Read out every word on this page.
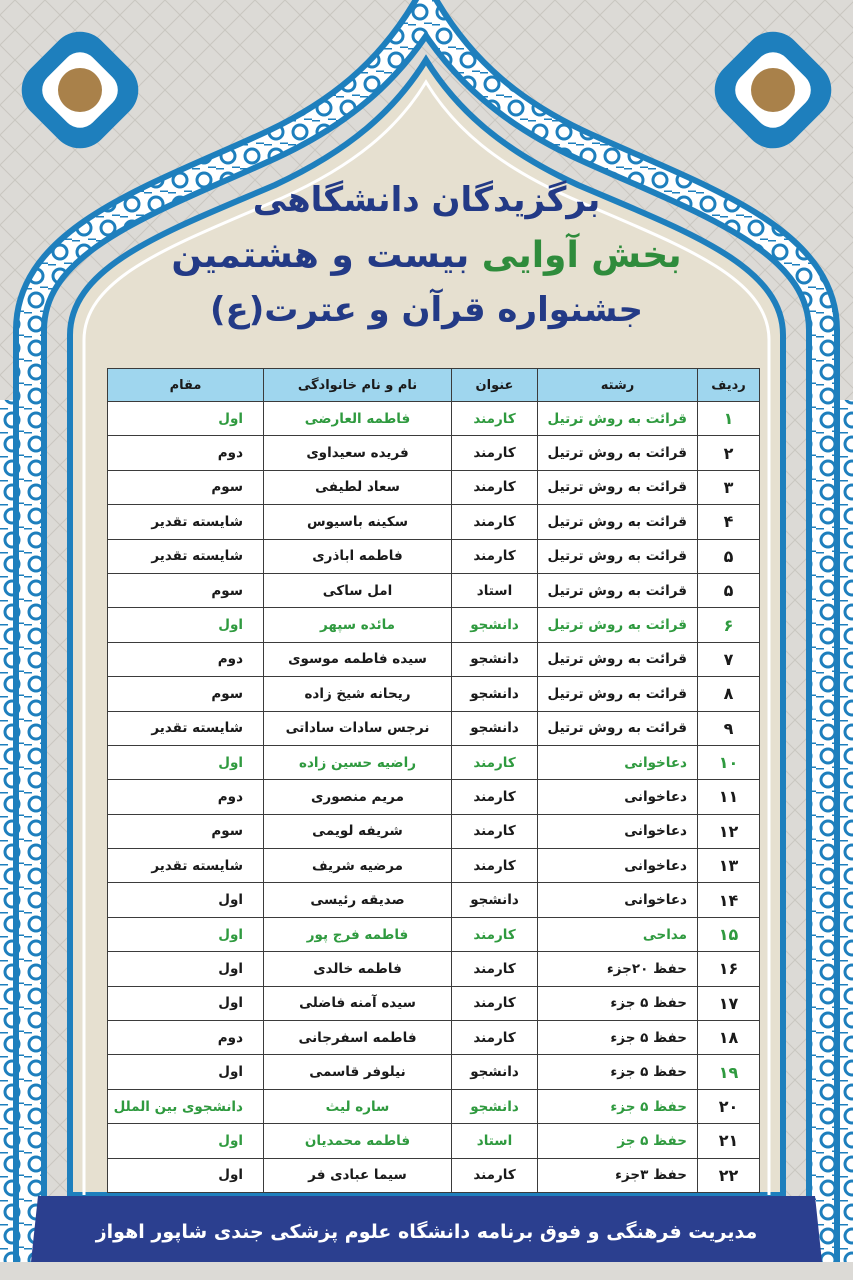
برگزیدگان دانشگاهی
بخش آوایی بیست و هشتمین
جشنواره قرآن و عترت(ع)
ردیف	رشته	عنوان	نام و نام خانوادگی	مقام
۱	قرائت به روش ترتیل	کارمند	فاطمه العارضی	اول
۲	قرائت به روش ترتیل	کارمند	فریده سعیداوی	دوم
۳	قرائت به روش ترتیل	کارمند	سعاد لطیفی	سوم
۴	قرائت به روش ترتیل	کارمند	سکینه باسیوس	شایسته تقدیر
۵	قرائت به روش ترتیل	کارمند	فاطمه اباذری	شایسته تقدیر
۵	قرائت به روش ترتیل	استاد	امل ساکی	سوم
۶	قرائت به روش ترتیل	دانشجو	مائده سپهر	اول
۷	قرائت به روش ترتیل	دانشجو	سیده فاطمه موسوی	دوم
۸	قرائت به روش ترتیل	دانشجو	ریحانه شیخ زاده	سوم
۹	قرائت به روش ترتیل	دانشجو	نرجس سادات ساداتی	شایسته تقدیر
۱۰	دعاخوانی	کارمند	راضیه حسین زاده	اول
۱۱	دعاخوانی	کارمند	مریم منصوری	دوم
۱۲	دعاخوانی	کارمند	شریفه لویمی	سوم
۱۳	دعاخوانی	کارمند	مرضیه شریف	شایسته تقدیر
۱۴	دعاخوانی	دانشجو	صدیقه رئیسی	اول
۱۵	مداحی	کارمند	فاطمه فرج پور	اول
۱۶	حفظ ۲۰جزء	کارمند	فاطمه خالدی	اول
۱۷	حفظ ۵ جزء	کارمند	سیده آمنه فاضلی	اول
۱۸	حفظ ۵ جزء	کارمند	فاطمه اسفرجانی	دوم
۱۹	حفظ ۵ جزء	دانشجو	نیلوفر قاسمی	اول
۲۰	حفظ ۵ جزء	دانشجو	ساره لیث	دانشجوی بین الملل
۲۱	حفظ ۵ جز	استاد	فاطمه محمدیان	اول
۲۲	حفظ ۳جزء	کارمند	سیما عبادی فر	اول
مدیریت فرهنگی و فوق برنامه دانشگاه علوم پزشکی جندی شاپور اهواز
